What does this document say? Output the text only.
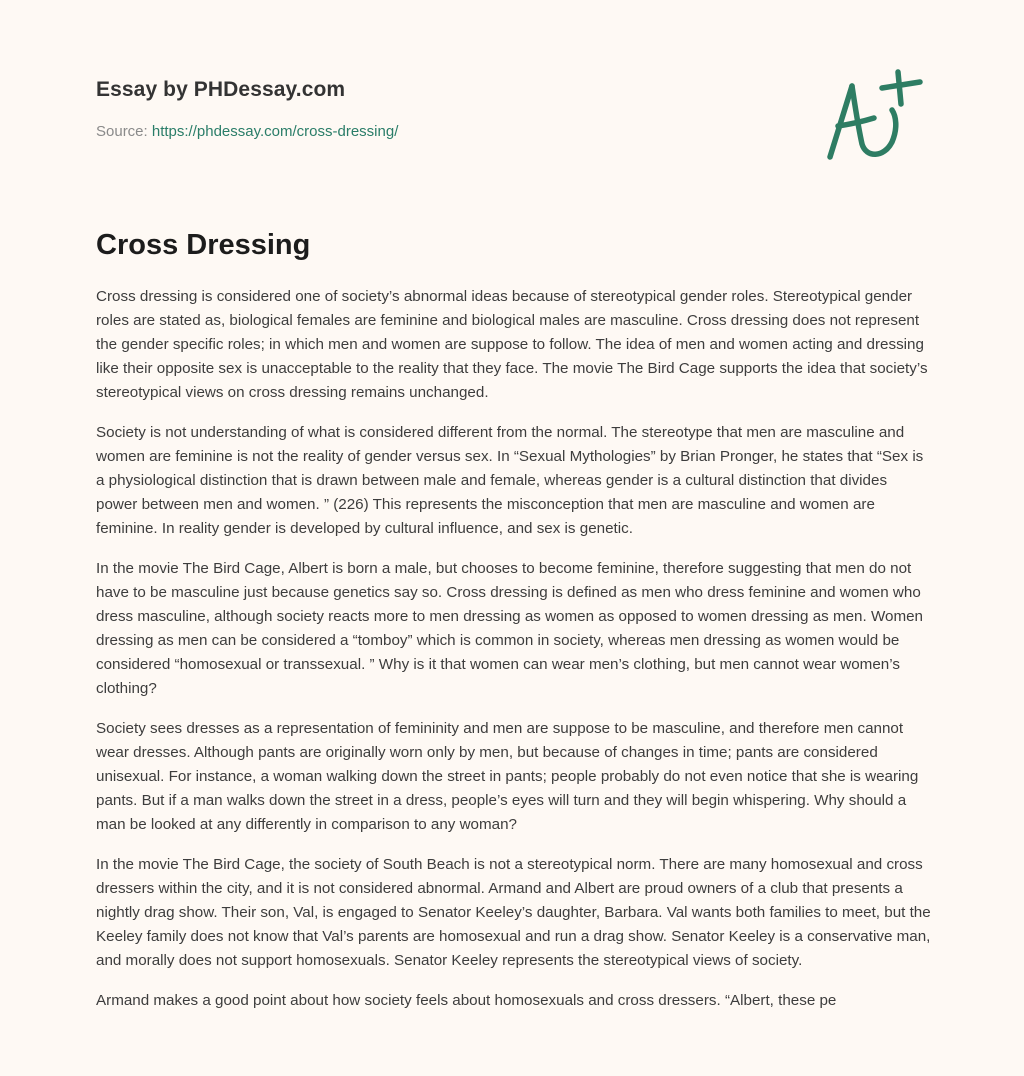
Essay by PHDessay.com
Source: https://phdessay.com/cross-dressing/
Cross Dressing

Cross dressing is considered one of society’s abnormal ideas because of stereotypical gender roles. Stereotypical gender roles are stated as, biological females are feminine and biological males are masculine. Cross dressing does not represent the gender specific roles; in which men and women are suppose to follow. The idea of men and women acting and dressing like their opposite sex is unacceptable to the reality that they face. The movie The Bird Cage supports the idea that society’s stereotypical views on cross dressing remains unchanged.

Society is not understanding of what is considered different from the normal. The stereotype that men are masculine and women are feminine is not the reality of gender versus sex. In “Sexual Mythologies” by Brian Pronger, he states that “Sex is a physiological distinction that is drawn between male and female, whereas gender is a cultural distinction that divides power between men and women. ” (226) This represents the misconception that men are masculine and women are feminine. In reality gender is developed by cultural influence, and sex is genetic.

In the movie The Bird Cage, Albert is born a male, but chooses to become feminine, therefore suggesting that men do not have to be masculine just because genetics say so. Cross dressing is defined as men who dress feminine and women who dress masculine, although society reacts more to men dressing as women as opposed to women dressing as men. Women dressing as men can be considered a “tomboy” which is common in society, whereas men dressing as women would be considered “homosexual or transsexual. ” Why is it that women can wear men’s clothing, but men cannot wear women’s clothing?

Society sees dresses as a representation of femininity and men are suppose to be masculine, and therefore men cannot wear dresses. Although pants are originally worn only by men, but because of changes in time; pants are considered unisexual. For instance, a woman walking down the street in pants; people probably do not even notice that she is wearing pants. But if a man walks down the street in a dress, people’s eyes will turn and they will begin whispering. Why should a man be looked at any differently in comparison to any woman?

In the movie The Bird Cage, the society of South Beach is not a stereotypical norm. There are many homosexual and cross dressers within the city, and it is not considered abnormal. Armand and Albert are proud owners of a club that presents a nightly drag show. Their son, Val, is engaged to Senator Keeley’s daughter, Barbara. Val wants both families to meet, but the Keeley family does not know that Val’s parents are homosexual and run a drag show. Senator Keeley is a conservative man, and morally does not support homosexuals. Senator Keeley represents the stereotypical views of society.

Armand makes a good point about how society feels about homosexuals and cross dressers. “Albert, these pe
